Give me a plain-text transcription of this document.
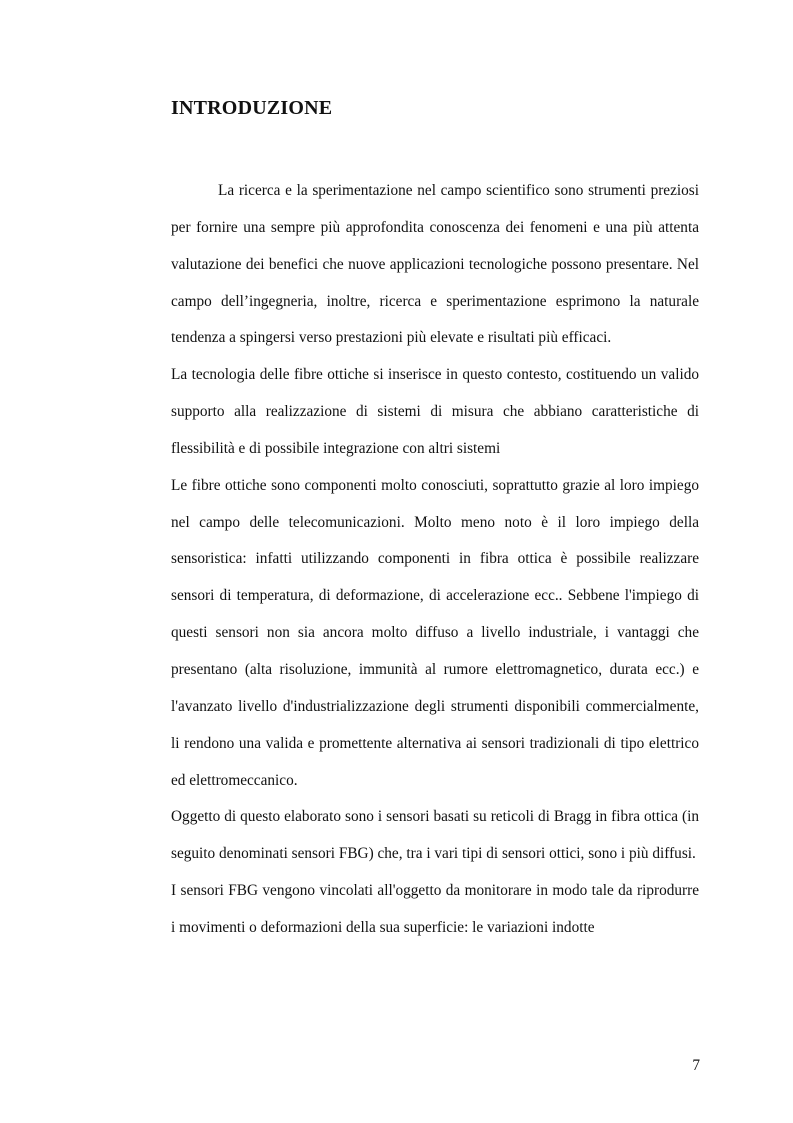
INTRODUZIONE

La ricerca e la sperimentazione nel campo scientifico sono strumenti preziosi per fornire una sempre più approfondita conoscenza dei fenomeni e una più attenta valutazione dei benefici che nuove applicazioni tecnologiche possono presentare. Nel campo dell’ingegneria, inoltre, ricerca e sperimentazione esprimono la naturale tendenza a spingersi verso prestazioni più elevate e risultati più efficaci.

La tecnologia delle fibre ottiche si inserisce in questo contesto, costituendo un valido supporto alla realizzazione di sistemi di misura che abbiano caratteristiche di flessibilità e di possibile integrazione con altri sistemi

Le fibre ottiche sono componenti molto conosciuti, soprattutto grazie al loro impiego nel campo delle telecomunicazioni. Molto meno noto è il loro impiego della sensoristica: infatti utilizzando componenti in fibra ottica è possibile realizzare sensori di temperatura, di deformazione, di accelerazione ecc.. Sebbene l'impiego di questi sensori non sia ancora molto diffuso a livello industriale, i vantaggi che presentano (alta risoluzione, immunità al rumore elettromagnetico, durata ecc.) e l'avanzato livello d'industrializzazione degli strumenti disponibili commercialmente, li rendono una valida e promettente alternativa ai sensori tradizionali di tipo elettrico ed elettromeccanico.

Oggetto di questo elaborato sono i sensori basati su reticoli di Bragg in fibra ottica (in seguito denominati sensori FBG) che, tra i vari tipi di sensori ottici, sono i più diffusi.

I sensori FBG vengono vincolati all'oggetto da monitorare in modo tale da riprodurre i movimenti o deformazioni della sua superficie: le variazioni indotte

7
